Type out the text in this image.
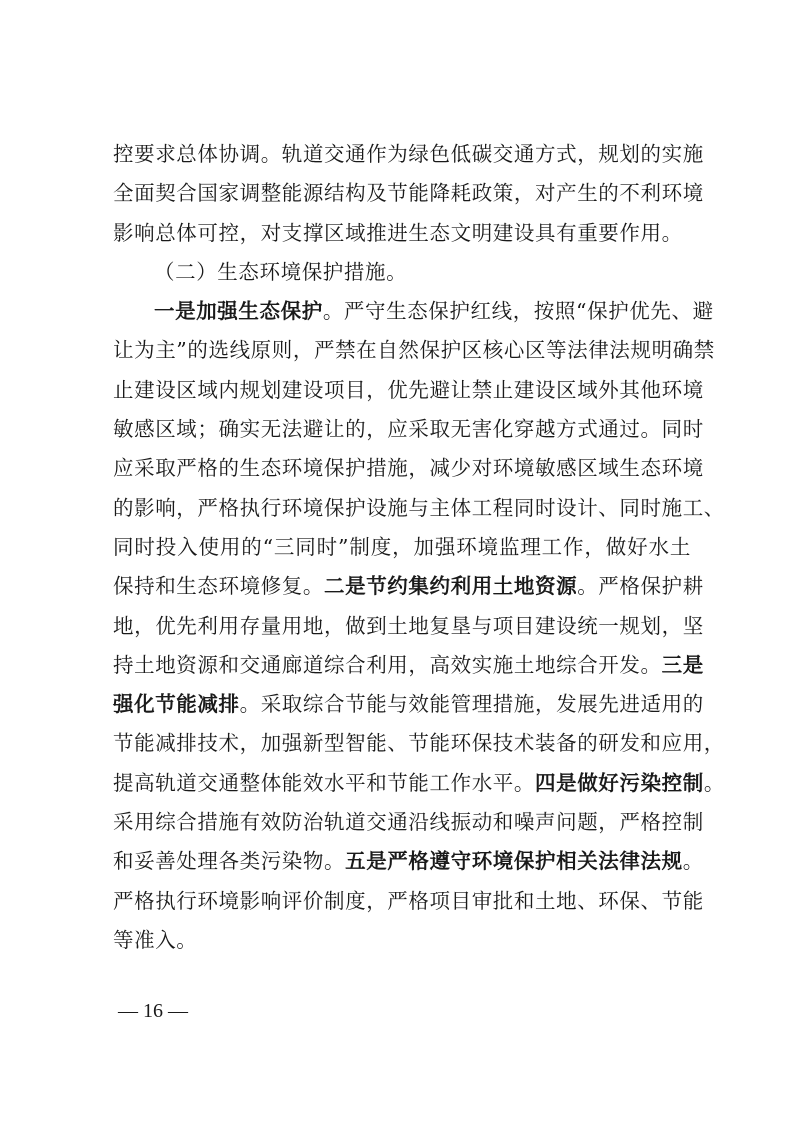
控要求总体协调。轨道交通作为绿色低碳交通方式，规划的实施
全面契合国家调整能源结构及节能降耗政策，对产生的不利环境
影响总体可控，对支撑区域推进生态文明建设具有重要作用。
（二）生态环境保护措施。
一是加强生态保护。严守生态保护红线，按照“保护优先、避
让为主”的选线原则，严禁在自然保护区核心区等法律法规明确禁
止建设区域内规划建设项目，优先避让禁止建设区域外其他环境
敏感区域；确实无法避让的，应采取无害化穿越方式通过。同时
应采取严格的生态环境保护措施，减少对环境敏感区域生态环境
的影响，严格执行环境保护设施与主体工程同时设计、同时施工、
同时投入使用的“三同时”制度，加强环境监理工作，做好水土
保持和生态环境修复。二是节约集约利用土地资源。严格保护耕
地，优先利用存量用地，做到土地复垦与项目建设统一规划，坚
持土地资源和交通廊道综合利用，高效实施土地综合开发。三是
强化节能减排。采取综合节能与效能管理措施，发展先进适用的
节能减排技术，加强新型智能、节能环保技术装备的研发和应用，
提高轨道交通整体能效水平和节能工作水平。四是做好污染控制。
采用综合措施有效防治轨道交通沿线振动和噪声问题，严格控制
和妥善处理各类污染物。五是严格遵守环境保护相关法律法规。
严格执行环境影响评价制度，严格项目审批和土地、环保、节能
等准入。
— 16 —
